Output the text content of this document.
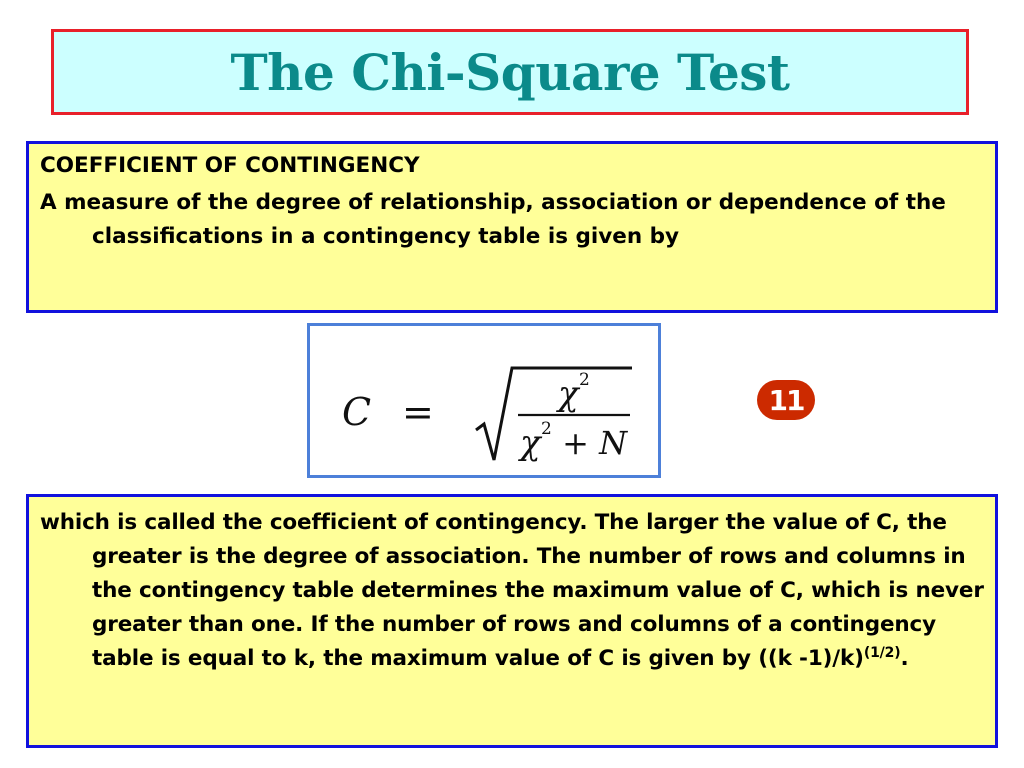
The Chi-Square Test

COEFFICIENT OF CONTINGENCY

A measure of the degree of relationship, association or dependence of the classifications in a contingency table is given by

C =	χ 2
χ 2 + N
11

which is called the coefficient of contingency. The larger the value of C, the greater is the degree of association. The number of rows and columns in the contingency table determines the maximum value of C, which is never greater than one. If the number of rows and columns of a contingency table is equal to k, the maximum value of C is given by ((k -1)/k)$^{(1/2)}$.
